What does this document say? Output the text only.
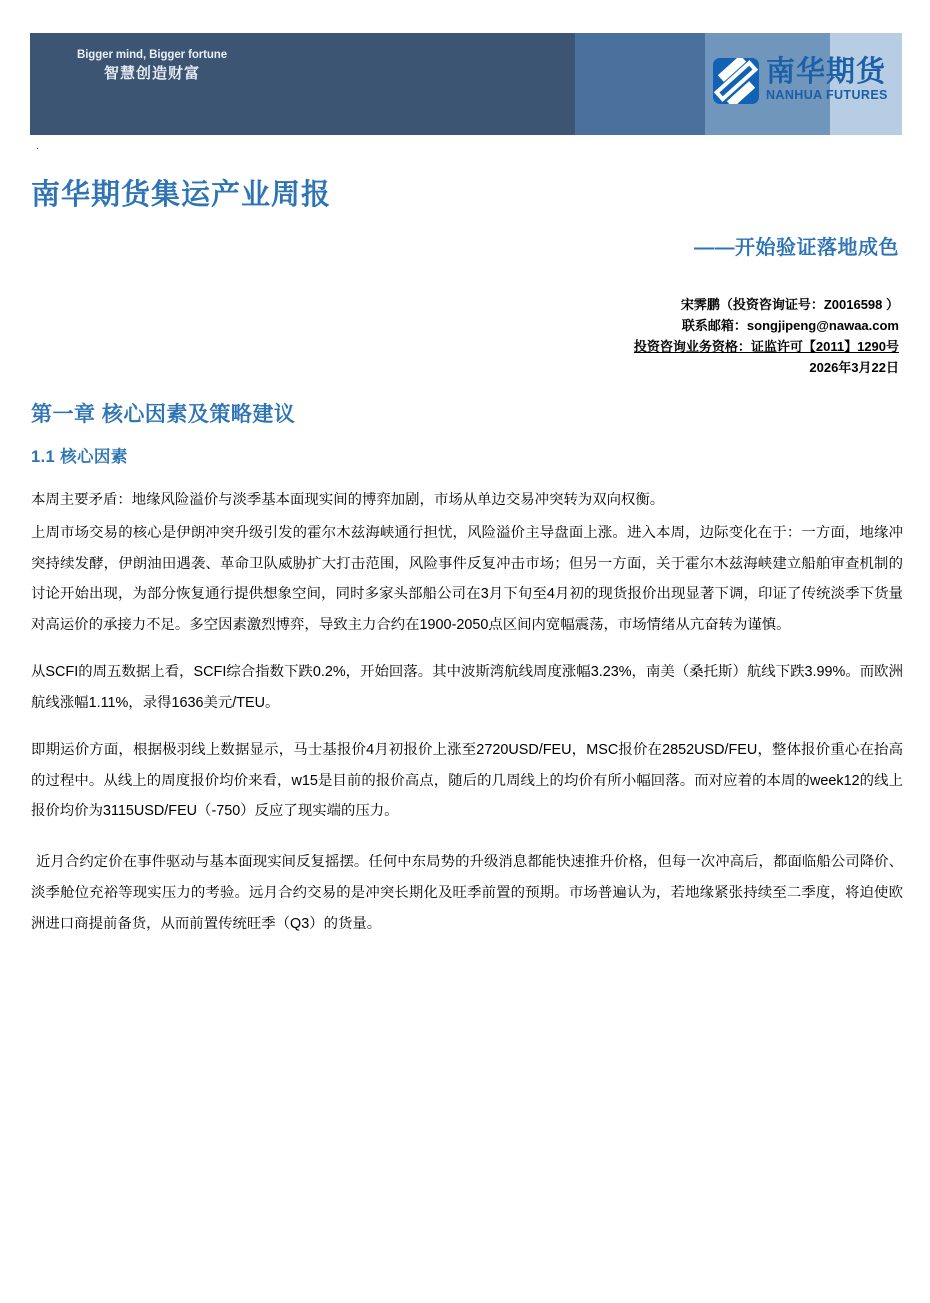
Bigger mind, Bigger fortune
智慧创造财富	南华期货
NANHUA FUTURES
.
南华期货集运产业周报
——开始验证落地成色
宋霁鹏（投资咨询证号：Z0016598 ）
联系邮箱：songjipeng@nawaa.com
投资咨询业务资格：证监许可【2011】1290号
2026年3月22日
第一章 核心因素及策略建议
1.1 核心因素

本周主要矛盾：地缘风险溢价与淡季基本面现实间的博弈加剧，市场从单边交易冲突转为双向权衡。

上周市场交易的核心是伊朗冲突升级引发的霍尔木兹海峡通行担忧，风险溢价主导盘面上涨。进入本周，边际变化在于：一方面，地缘冲突持续发酵，伊朗油田遇袭、革命卫队威胁扩大打击范围，风险事件反复冲击市场；但另一方面，关于霍尔木兹海峡建立船舶审查机制的讨论开始出现，为部分恢复通行提供想象空间，同时多家头部船公司在3月下旬至4月初的现货报价出现显著下调，印证了传统淡季下货量对高运价的承接力不足。多空因素激烈博弈，导致主力合约在1900-2050点区间内宽幅震荡，市场情绪从亢奋转为谨慎。

从SCFI的周五数据上看，SCFI综合指数下跌0.2%，开始回落。其中波斯湾航线周度涨幅3.23%，南美（桑托斯）航线下跌3.99%。而欧洲航线涨幅1.11%，录得1636美元/TEU。

即期运价方面，根据极羽线上数据显示，马士基报价4月初报价上涨至2720USD/FEU，MSC报价在2852USD/FEU，整体报价重心在抬高的过程中。从线上的周度报价均价来看，w15是目前的报价高点，随后的几周线上的均价有所小幅回落。而对应着的本周的week12的线上报价均价为3115USD/FEU（-750）反应了现实端的压力。

近月合约定价在事件驱动与基本面现实间反复摇摆。任何中东局势的升级消息都能快速推升价格，但每一次冲高后，都面临船公司降价、淡季舱位充裕等现实压力的考验。远月合约交易的是冲突长期化及旺季前置的预期。市场普遍认为，若地缘紧张持续至二季度，将迫使欧洲进口商提前备货，从而前置传统旺季（Q3）的货量。
